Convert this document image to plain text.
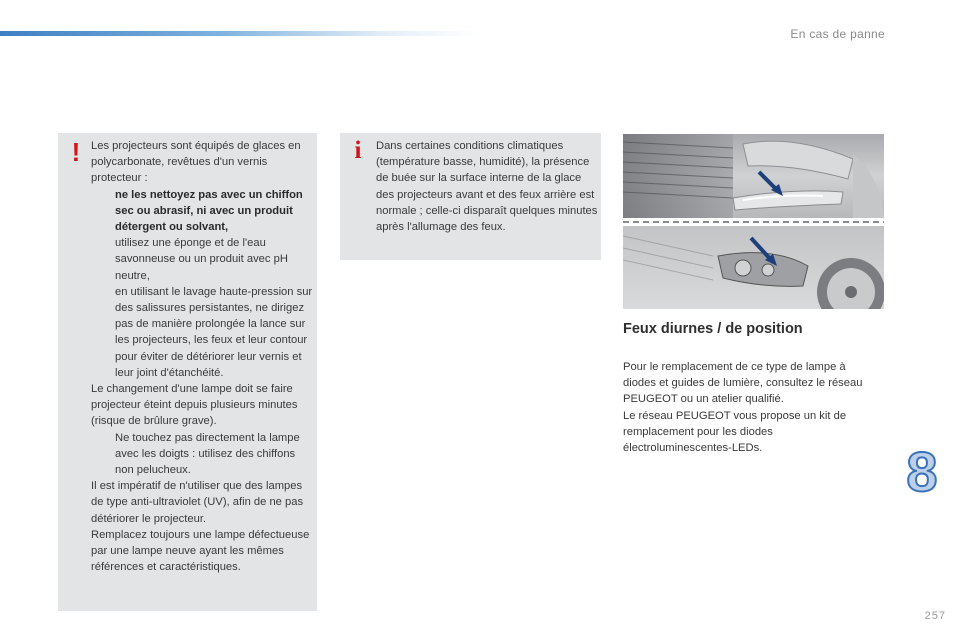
En cas de panne
! Les projecteurs sont équipés de glaces en polycarbonate, revêtues d'un vernis protecteur :
ne les nettoyez pas avec un chiffon sec ou abrasif, ni avec un produit détergent ou solvant,
utilisez une éponge et de l'eau savonneuse ou un produit avec pH neutre,
en utilisant le lavage haute-pression sur des salissures persistantes, ne dirigez pas de manière prolongée la lance sur les projecteurs, les feux et leur contour pour éviter de détériorer leur vernis et leur joint d'étanchéité.
Le changement d'une lampe doit se faire projecteur éteint depuis plusieurs minutes (risque de brûlure grave).
Ne touchez pas directement la lampe avec les doigts : utilisez des chiffons non pelucheux.
Il est impératif de n'utiliser que des lampes de type anti-ultraviolet (UV), afin de ne pas détériorer le projecteur.
Remplacez toujours une lampe défectueuse par une lampe neuve ayant les mêmes références et caractéristiques.
i Dans certaines conditions climatiques (température basse, humidité), la présence de buée sur la surface interne de la glace des projecteurs avant et des feux arrière est normale ; celle-ci disparaît quelques minutes après l'allumage des feux.
Feux diurnes / de position
Pour le remplacement de ce type de lampe à diodes et guides de lumière, consultez le réseau PEUGEOT ou un atelier qualifié.
Le réseau PEUGEOT vous propose un kit de remplacement pour les diodes électroluminescentes-LEDs.	8
257
